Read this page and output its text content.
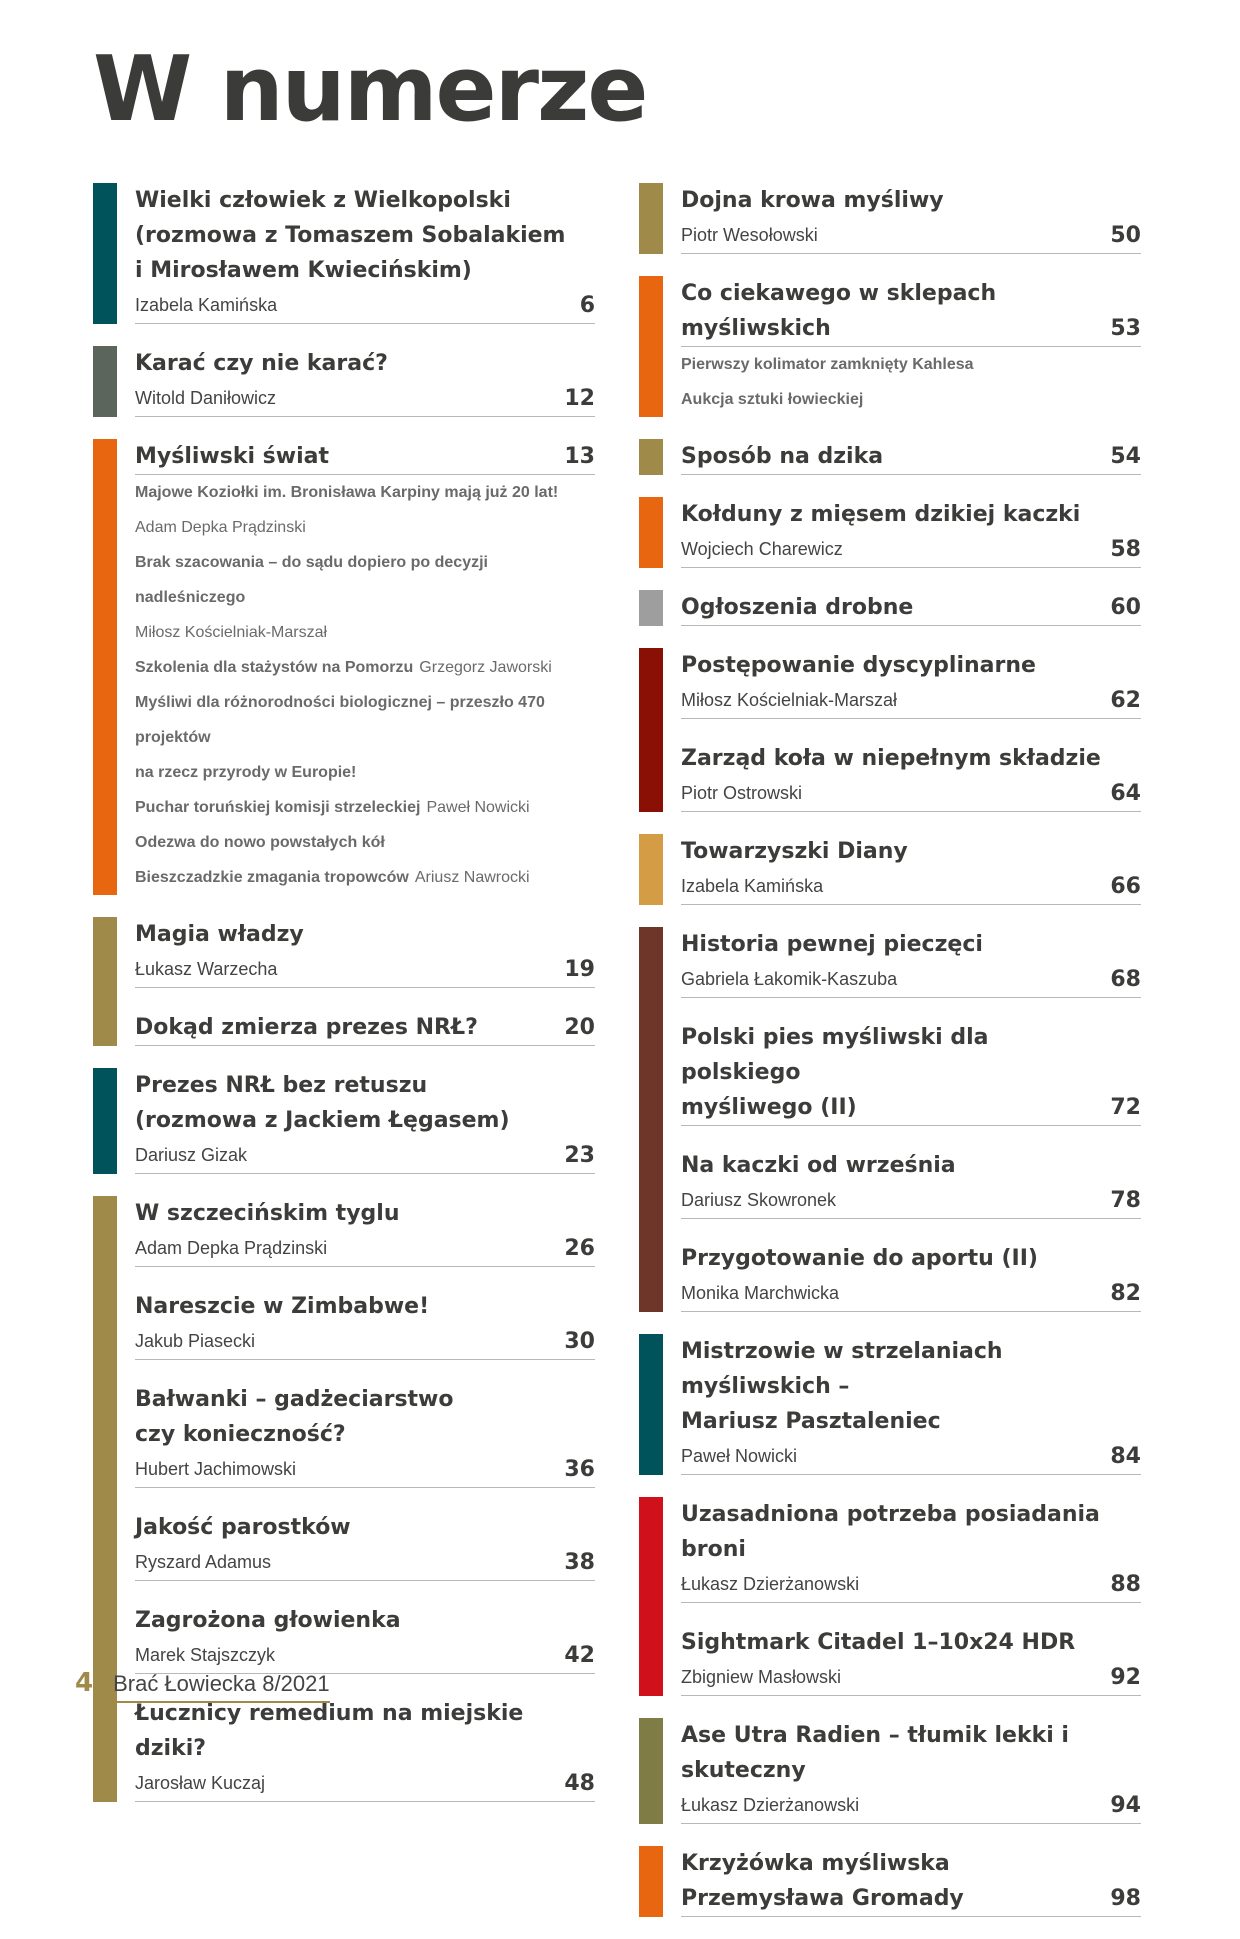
W numerze
Wielki człowiek z Wielkopolski
(rozmowa z Tomaszem Sobalakiem
i Mirosławem Kwiecińskim)
Izabela Kamińska	6
Karać czy nie karać?
Witold Daniłowicz	12
Myśliwski świat	13
Majowe Koziołki im. Bronisława Karpiny mają już 20 lat!
Adam Depka Prądzinski
Brak szacowania – do sądu dopiero po decyzji nadleśniczego
Miłosz Kościelniak-Marszał
Szkolenia dla stażystów na Pomorzu Grzegorz Jaworski
Myśliwi dla różnorodności biologicznej – przeszło 470 projektów
na rzecz przyrody w Europie!
Puchar toruńskiej komisji strzeleckiej Paweł Nowicki
Odezwa do nowo powstałych kół
Bieszczadzkie zmagania tropowców Ariusz Nawrocki
Magia władzy
Łukasz Warzecha	19
Dokąd zmierza prezes NRŁ?	20
Prezes NRŁ bez retuszu
(rozmowa z Jackiem Łęgasem)
Dariusz Gizak	23
W szczecińskim tyglu
Adam Depka Prądzinski	26
Nareszcie w Zimbabwe!
Jakub Piasecki	30
Bałwanki – gadżeciarstwo
czy konieczność?
Hubert Jachimowski	36
Jakość parostków
Ryszard Adamus	38
Zagrożona głowienka
Marek Stajszczyk	42
Łucznicy remedium na miejskie dziki?
Jarosław Kuczaj	48
Dojna krowa myśliwy
Piotr Wesołowski	50
Co ciekawego w sklepach myśliwskich	53
Pierwszy kolimator zamknięty Kahlesa
Aukcja sztuki łowieckiej
Sposób na dzika	54
Kołduny z mięsem dzikiej kaczki
Wojciech Charewicz	58
Ogłoszenia drobne	60
Postępowanie dyscyplinarne
Miłosz Kościelniak-Marszał	62
Zarząd koła w niepełnym składzie
Piotr Ostrowski	64
Towarzyszki Diany
Izabela Kamińska	66
Historia pewnej pieczęci
Gabriela Łakomik-Kaszuba	68
Polski pies myśliwski dla polskiego
myśliwego (II)	72
Na kaczki od września
Dariusz Skowronek	78
Przygotowanie do aportu (II)
Monika Marchwicka	82
Mistrzowie w strzelaniach myśliwskich –
Mariusz Pasztaleniec
Paweł Nowicki	84
Uzasadniona potrzeba posiadania broni
Łukasz Dzierżanowski	88
Sightmark Citadel 1–10x24 HDR
Zbigniew Masłowski	92
Ase Utra Radien – tłumik lekki i skuteczny
Łukasz Dzierżanowski	94
Krzyżówka myśliwska
Przemysława Gromady	98
4 Brać Łowiecka 8/2021
